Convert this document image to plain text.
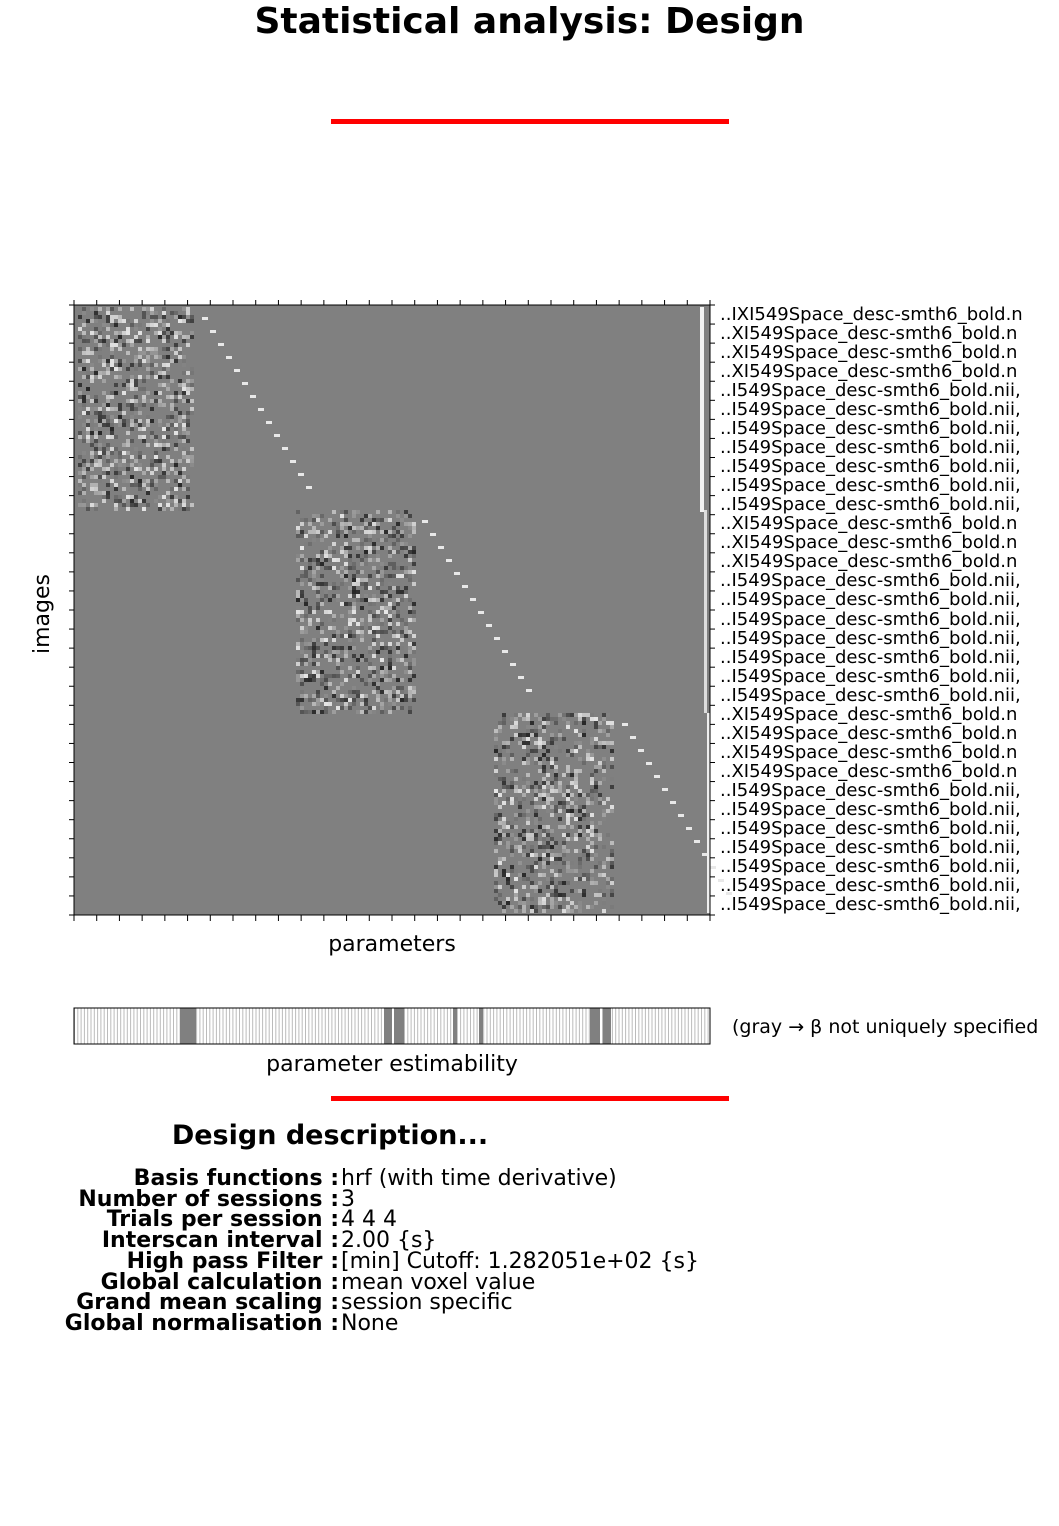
Statistical analysis: Design
..IXI549Space_desc-smth6_bold.n
..XI549Space_desc-smth6_bold.n
..XI549Space_desc-smth6_bold.n
..XI549Space_desc-smth6_bold.n
..I549Space_desc-smth6_bold.nii,
..I549Space_desc-smth6_bold.nii,
..I549Space_desc-smth6_bold.nii,
..I549Space_desc-smth6_bold.nii,
..I549Space_desc-smth6_bold.nii,
..I549Space_desc-smth6_bold.nii,
..I549Space_desc-smth6_bold.nii,
..XI549Space_desc-smth6_bold.n
..XI549Space_desc-smth6_bold.n
..XI549Space_desc-smth6_bold.n
..I549Space_desc-smth6_bold.nii,
..I549Space_desc-smth6_bold.nii,
..I549Space_desc-smth6_bold.nii,
..I549Space_desc-smth6_bold.nii,
..I549Space_desc-smth6_bold.nii,
..I549Space_desc-smth6_bold.nii,
..I549Space_desc-smth6_bold.nii,
..XI549Space_desc-smth6_bold.n
..XI549Space_desc-smth6_bold.n
..XI549Space_desc-smth6_bold.n
..XI549Space_desc-smth6_bold.n
..I549Space_desc-smth6_bold.nii,
..I549Space_desc-smth6_bold.nii,
..I549Space_desc-smth6_bold.nii,
..I549Space_desc-smth6_bold.nii,
..I549Space_desc-smth6_bold.nii,
..I549Space_desc-smth6_bold.nii,
..I549Space_desc-smth6_bold.nii,
images
parameters
parameter estimability
(gray → β not uniquely specified
Design description...
Basis functions : hrf (with time derivative)
Number of sessions : 3
Trials per session : 4 4 4
Interscan interval : 2.00 {s}
High pass Filter : [min] Cutoff: 1.282051e+02 {s}
Global calculation : mean voxel value
Grand mean scaling : session specific
Global normalisation : None
